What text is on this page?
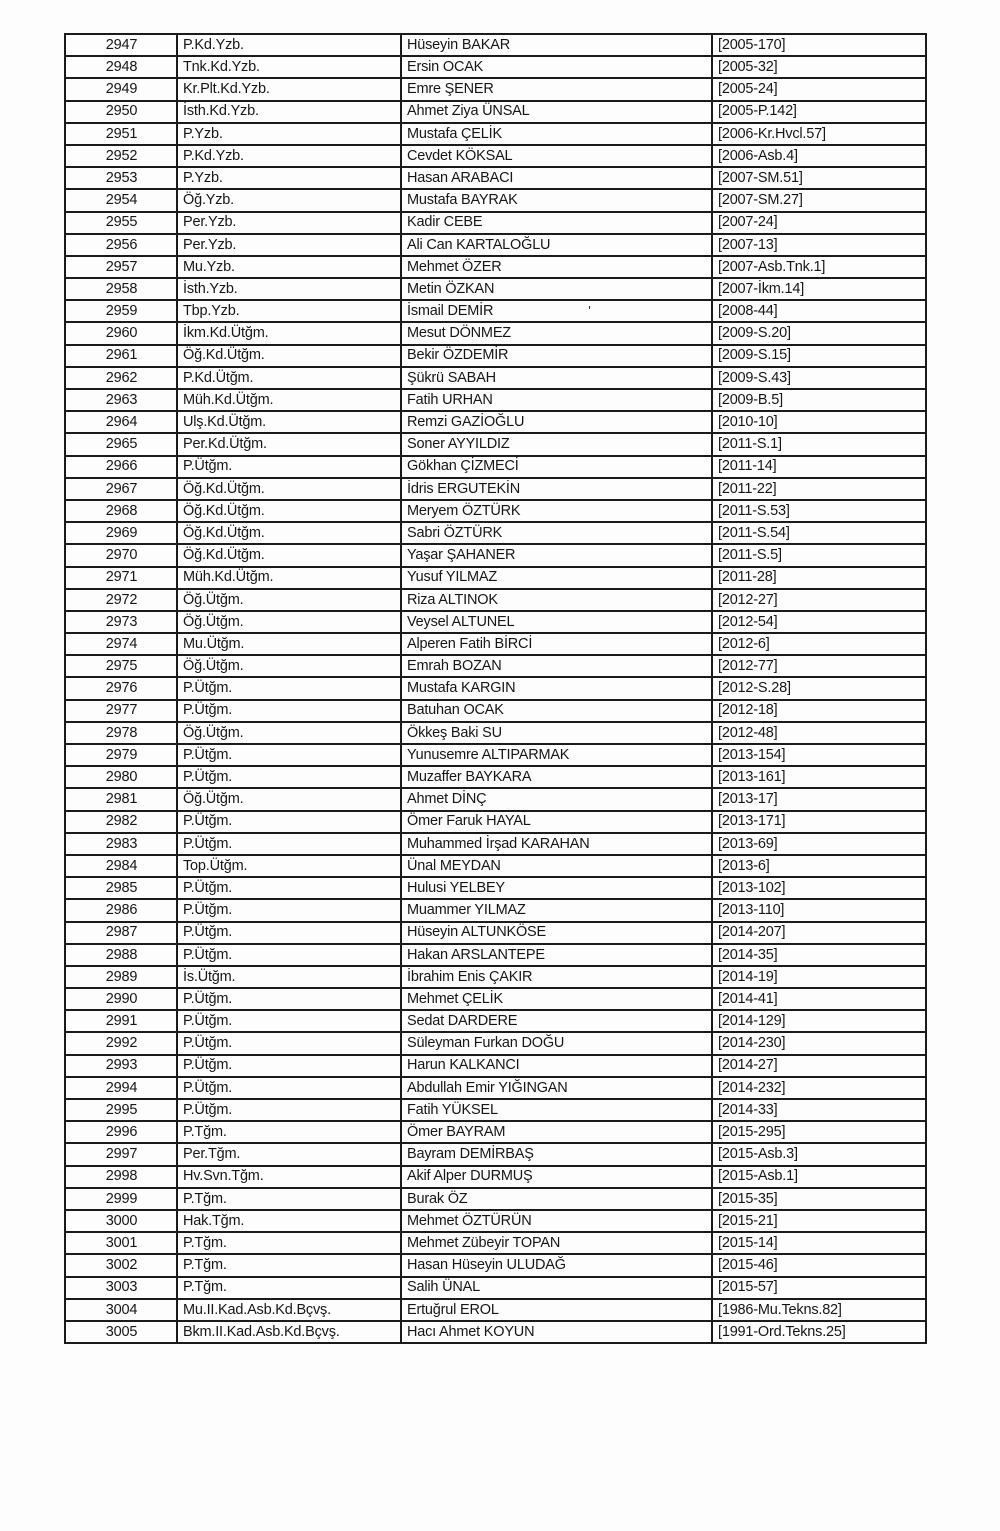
2947	P.Kd.Yzb.	Hüseyin BAKAR	[2005-170]
2948	Tnk.Kd.Yzb.	Ersin OCAK	[2005-32]
2949	Kr.Plt.Kd.Yzb.	Emre ŞENER	[2005-24]
2950	İsth.Kd.Yzb.	Ahmet Ziya ÜNSAL	[2005-P.142]
2951	P.Yzb.	Mustafa ÇELİK	[2006-Kr.Hvcl.57]
2952	P.Kd.Yzb.	Cevdet KÖKSAL	[2006-Asb.4]
2953	P.Yzb.	Hasan ARABACI	[2007-SM.51]
2954	Öğ.Yzb.	Mustafa BAYRAK	[2007-SM.27]
2955	Per.Yzb.	Kadir CEBE	[2007-24]
2956	Per.Yzb.	Ali Can KARTALOĞLU	[2007-13]
2957	Mu.Yzb.	Mehmet ÖZER	[2007-Asb.Tnk.1]
2958	İsth.Yzb.	Metin ÖZKAN	[2007-İkm.14]
2959	Tbp.Yzb.	İsmail DEMİR '	[2008-44]
2960	İkm.Kd.Ütğm.	Mesut DÖNMEZ	[2009-S.20]
2961	Öğ.Kd.Ütğm.	Bekir ÖZDEMİR	[2009-S.15]
2962	P.Kd.Ütğm.	Şükrü SABAH	[2009-S.43]
2963	Müh.Kd.Ütğm.	Fatih URHAN	[2009-B.5]
2964	Ulş.Kd.Ütğm.	Remzi GAZİOĞLU	[2010-10]
2965	Per.Kd.Ütğm.	Soner AYYILDIZ	[2011-S.1]
2966	P.Ütğm.	Gökhan ÇİZMECİ	[2011-14]
2967	Öğ.Kd.Ütğm.	İdris ERGUTEKİN	[2011-22]
2968	Öğ.Kd.Ütğm.	Meryem ÖZTÜRK	[2011-S.53]
2969	Öğ.Kd.Ütğm.	Sabri ÖZTÜRK	[2011-S.54]
2970	Öğ.Kd.Ütğm.	Yaşar ŞAHANER	[2011-S.5]
2971	Müh.Kd.Ütğm.	Yusuf YILMAZ	[2011-28]
2972	Öğ.Ütğm.	Riza ALTINOK	[2012-27]
2973	Öğ.Ütğm.	Veysel ALTUNEL	[2012-54]
2974	Mu.Ütğm.	Alperen Fatih BİRCİ	[2012-6]
2975	Öğ.Ütğm.	Emrah BOZAN	[2012-77]
2976	P.Ütğm.	Mustafa KARGIN	[2012-S.28]
2977	P.Ütğm.	Batuhan OCAK	[2012-18]
2978	Öğ.Ütğm.	Ökkeş Baki SU	[2012-48]
2979	P.Ütğm.	Yunusemre ALTIPARMAK	[2013-154]
2980	P.Ütğm.	Muzaffer BAYKARA	[2013-161]
2981	Öğ.Ütğm.	Ahmet DİNÇ	[2013-17]
2982	P.Ütğm.	Ömer Faruk HAYAL	[2013-171]
2983	P.Ütğm.	Muhammed İrşad KARAHAN	[2013-69]
2984	Top.Ütğm.	Ünal MEYDAN	[2013-6]
2985	P.Ütğm.	Hulusi YELBEY	[2013-102]
2986	P.Ütğm.	Muammer YILMAZ	[2013-110]
2987	P.Ütğm.	Hüseyin ALTUNKÖSE	[2014-207]
2988	P.Ütğm.	Hakan ARSLANTEPE	[2014-35]
2989	İs.Ütğm.	İbrahim Enis ÇAKIR	[2014-19]
2990	P.Ütğm.	Mehmet ÇELİK	[2014-41]
2991	P.Ütğm.	Sedat DARDERE	[2014-129]
2992	P.Ütğm.	Süleyman Furkan DOĞU	[2014-230]
2993	P.Ütğm.	Harun KALKANCI	[2014-27]
2994	P.Ütğm.	Abdullah Emir YIĞINGAN	[2014-232]
2995	P.Ütğm.	Fatih YÜKSEL	[2014-33]
2996	P.Tğm.	Ömer BAYRAM	[2015-295]
2997	Per.Tğm.	Bayram DEMİRBAŞ	[2015-Asb.3]
2998	Hv.Svn.Tğm.	Akif Alper DURMUŞ	[2015-Asb.1]
2999	P.Tğm.	Burak ÖZ	[2015-35]
3000	Hak.Tğm.	Mehmet ÖZTÜRÜN	[2015-21]
3001	P.Tğm.	Mehmet Zübeyir TOPAN	[2015-14]
3002	P.Tğm.	Hasan Hüseyin ULUDAĞ	[2015-46]
3003	P.Tğm.	Salih ÜNAL	[2015-57]
3004	Mu.II.Kad.Asb.Kd.Bçvş.	Ertuğrul EROL	[1986-Mu.Tekns.82]
3005	Bkm.II.Kad.Asb.Kd.Bçvş.	Hacı Ahmet KOYUN	[1991-Ord.Tekns.25]
